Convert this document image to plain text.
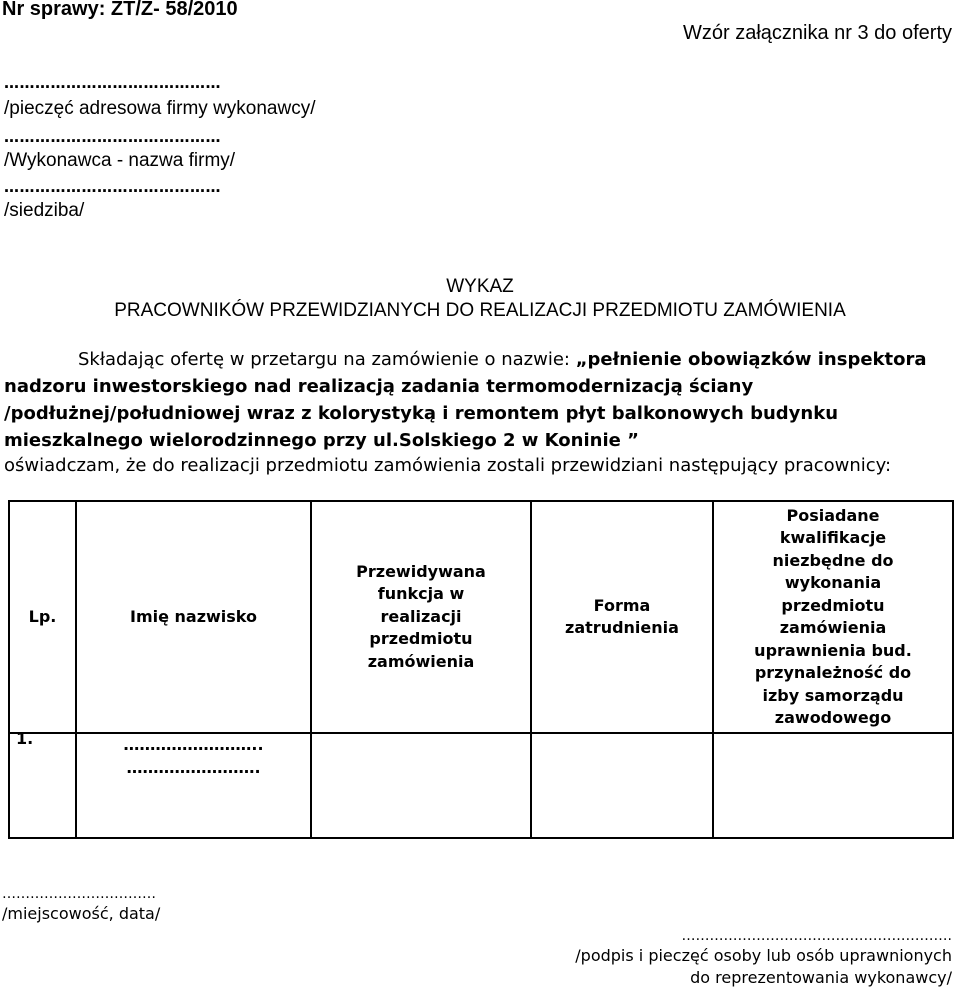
Nr sprawy: ZT/Z- 58/2010
Wzór załącznika nr 3 do oferty
……………………………………
/pieczęć adresowa firmy wykonawcy/
……………………………………
/Wykonawca - nazwa firmy/
……………………………………
/siedziba/
WYKAZ
PRACOWNIKÓW PRZEWIDZIANYCH DO REALIZACJI PRZEDMIOTU ZAMÓWIENIA
Składając ofertę w przetargu na zamówienie o nazwie: „pełnienie obowiązków inspektora nadzoru inwestorskiego nad realizacją zadania termomodernizacją ściany /podłużnej/południowej wraz z kolorystyką i remontem płyt balkonowych budynku mieszkalnego wielorodzinnego przy ul.Solskiego 2 w Koninie ”
oświadczam, że do realizacji przedmiotu zamówienia zostali przewidziani następujący pracownicy:
Lp.	Imię nazwisko	Przewidywana funkcja w realizacji przedmiotu zamówienia	Forma zatrudnienia	Posiadane kwalifikacje niezbędne do wykonania przedmiotu zamówienia uprawnienia bud. przynależność do izby samorządu zawodowego

1.	……………………..
…………………….			

……………………………
/miejscowość, data/
………………………………………………….
/podpis i pieczęć osoby lub osób uprawnionych
do reprezentowania wykonawcy/
